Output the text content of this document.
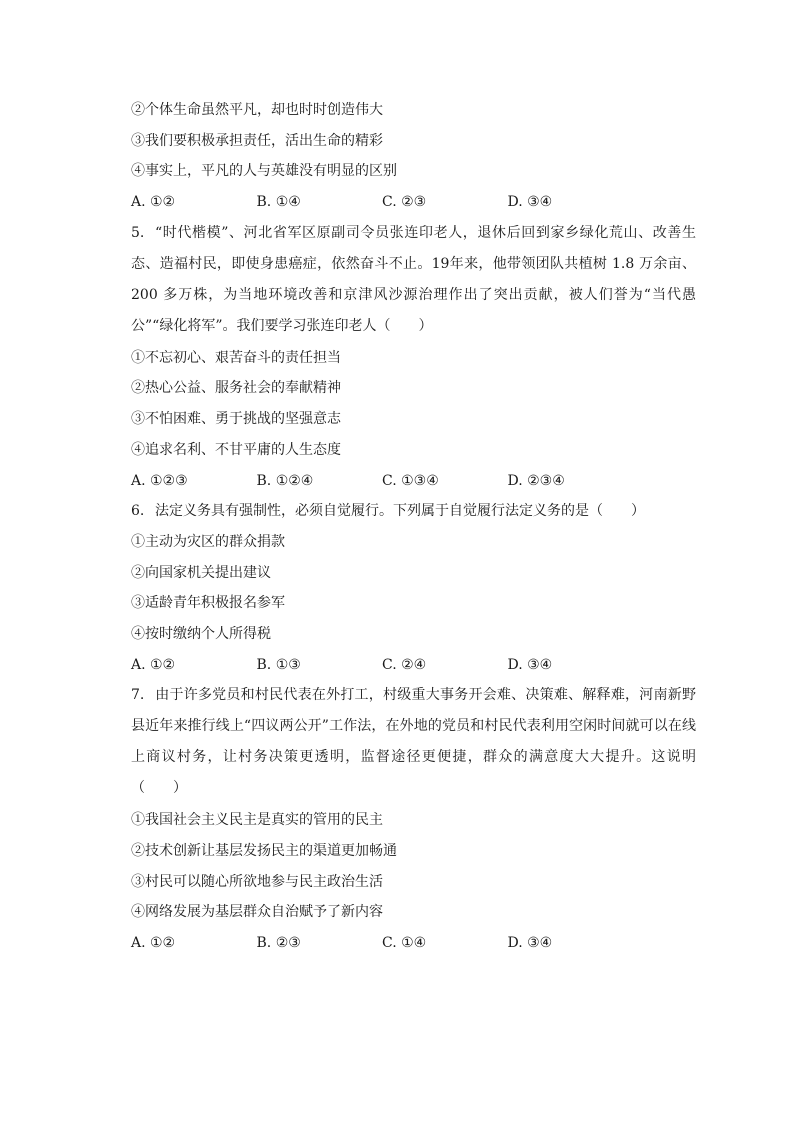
②个体生命虽然平凡，却也时时创造伟大
③我们要积极承担责任，活出生命的精彩
④事实上，平凡的人与英雄没有明显的区别
A. ①②	B. ①④	C. ②③	D. ③④
5. “时代楷模”、河北省军区原副司令员张连印老人，退休后回到家乡绿化荒山、改善生态、造福村民，即使身患癌症，依然奋斗不止。19年来，他带领团队共植树 1.8 万余亩、200 多万株，为当地环境改善和京津风沙源治理作出了突出贡献，被人们誉为“当代愚公”“绿化将军”。我们要学习张连印老人（　　）
①不忘初心、艰苦奋斗的责任担当
②热心公益、服务社会的奉献精神
③不怕困难、勇于挑战的坚强意志
④追求名利、不甘平庸的人生态度
A. ①②③	B. ①②④	C. ①③④	D. ②③④
6. 法定义务具有强制性，必须自觉履行。下列属于自觉履行法定义务的是（　　）
①主动为灾区的群众捐款
②向国家机关提出建议
③适龄青年积极报名参军
④按时缴纳个人所得税
A. ①②	B. ①③	C. ②④	D. ③④
7. 由于许多党员和村民代表在外打工，村级重大事务开会难、决策难、解释难，河南新野县近年来推行线上“四议两公开”工作法，在外地的党员和村民代表利用空闲时间就可以在线上商议村务，让村务决策更透明，监督途径更便捷，群众的满意度大大提升。这说明（　　）
①我国社会主义民主是真实的管用的民主
②技术创新让基层发扬民主的渠道更加畅通
③村民可以随心所欲地参与民主政治生活
④网络发展为基层群众自治赋予了新内容
A. ①②	B. ②③	C. ①④	D. ③④
